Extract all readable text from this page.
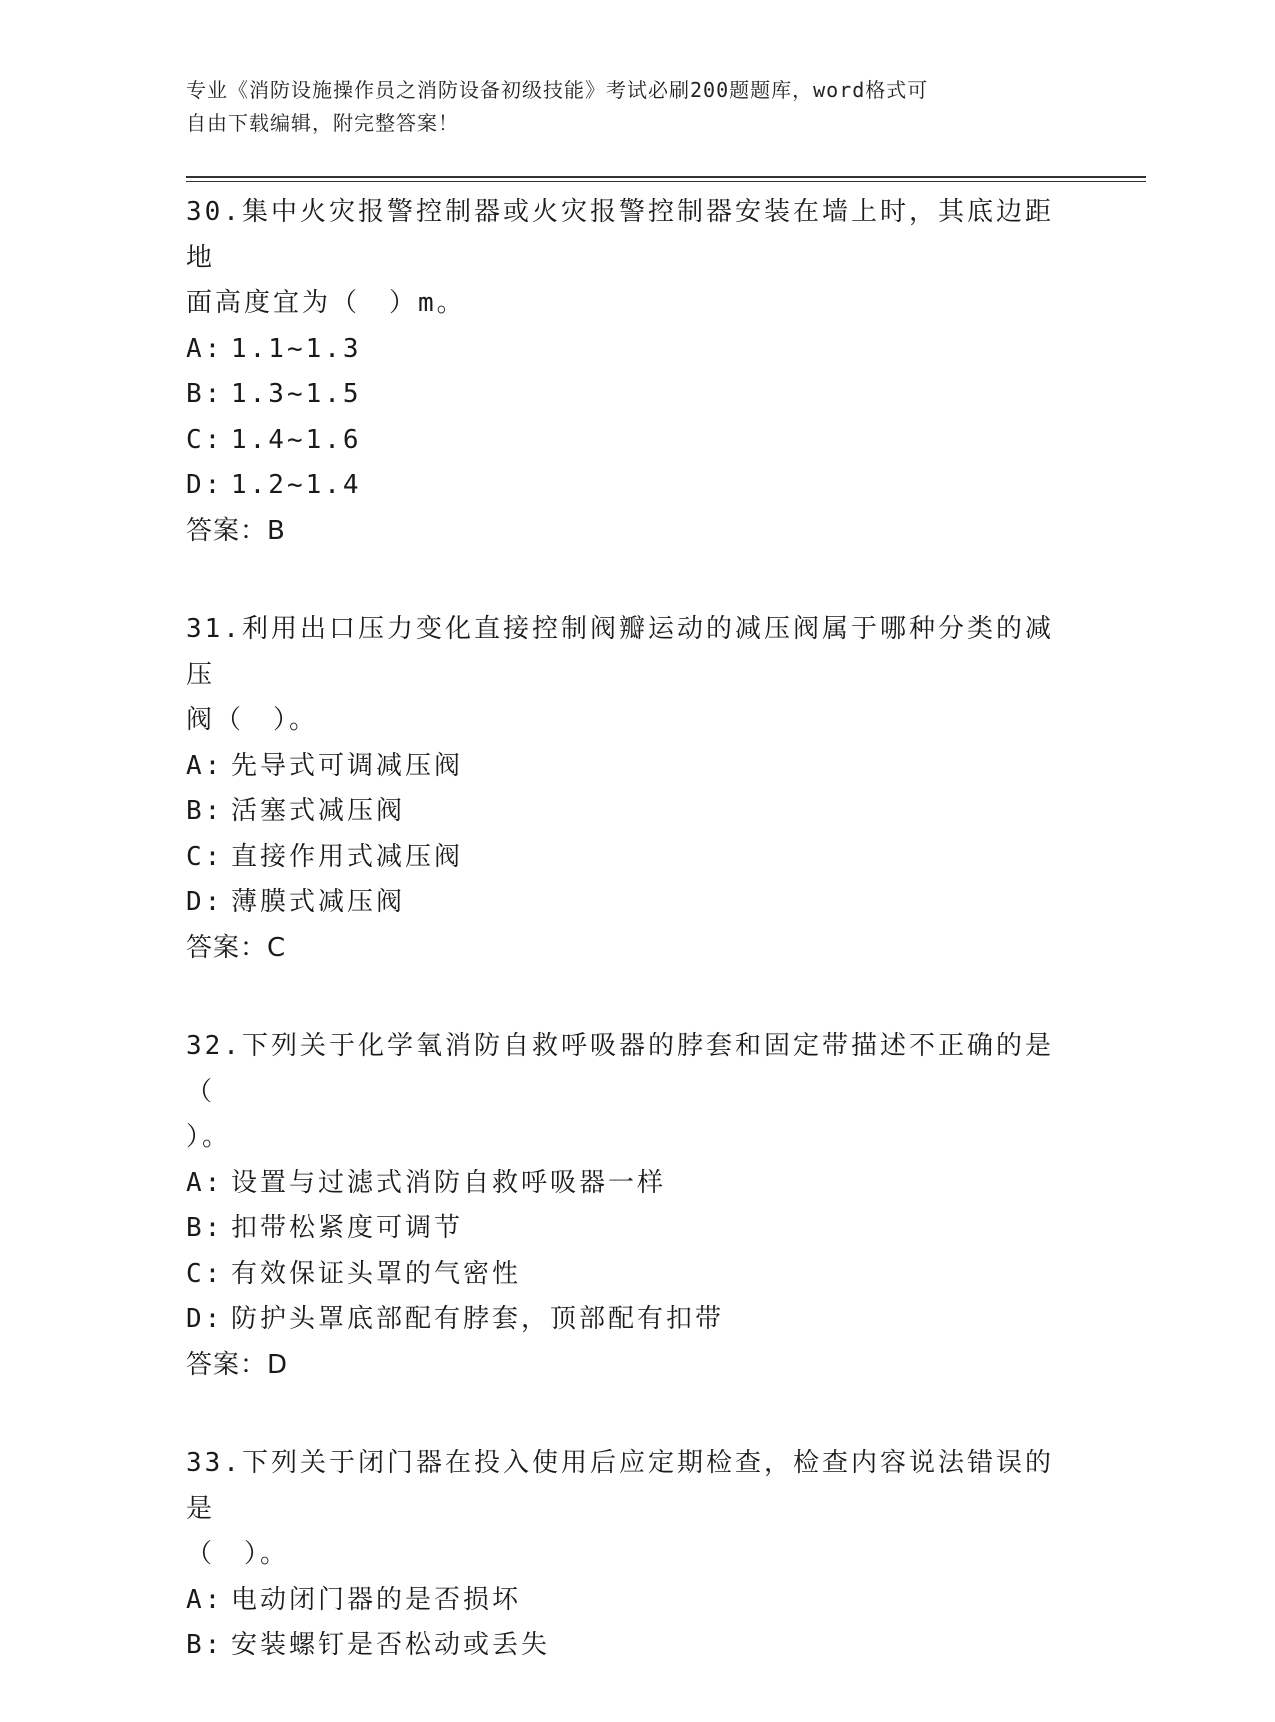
专业《消防设施操作员之消防设备初级技能》考试必刷200题题库，word格式可
自由下载编辑，附完整答案！

30.集中火灾报警控制器或火灾报警控制器安装在墙上时，其底边距地

面高度宜为（　）m。

A: 1.1~1.3

B: 1.3~1.5

C: 1.4~1.6

D: 1.2~1.4

答案：B

31.利用出口压力变化直接控制阀瓣运动的减压阀属于哪种分类的减压

阀（　）。

A: 先导式可调减压阀

B: 活塞式减压阀

C: 直接作用式减压阀

D: 薄膜式减压阀

答案：C

32.下列关于化学氧消防自救呼吸器的脖套和固定带描述不正确的是（

）。

A: 设置与过滤式消防自救呼吸器一样

B: 扣带松紧度可调节

C: 有效保证头罩的气密性

D: 防护头罩底部配有脖套，顶部配有扣带

答案：D

33.下列关于闭门器在投入使用后应定期检查，检查内容说法错误的是

（　）。

A: 电动闭门器的是否损坏

B: 安装螺钉是否松动或丢失
